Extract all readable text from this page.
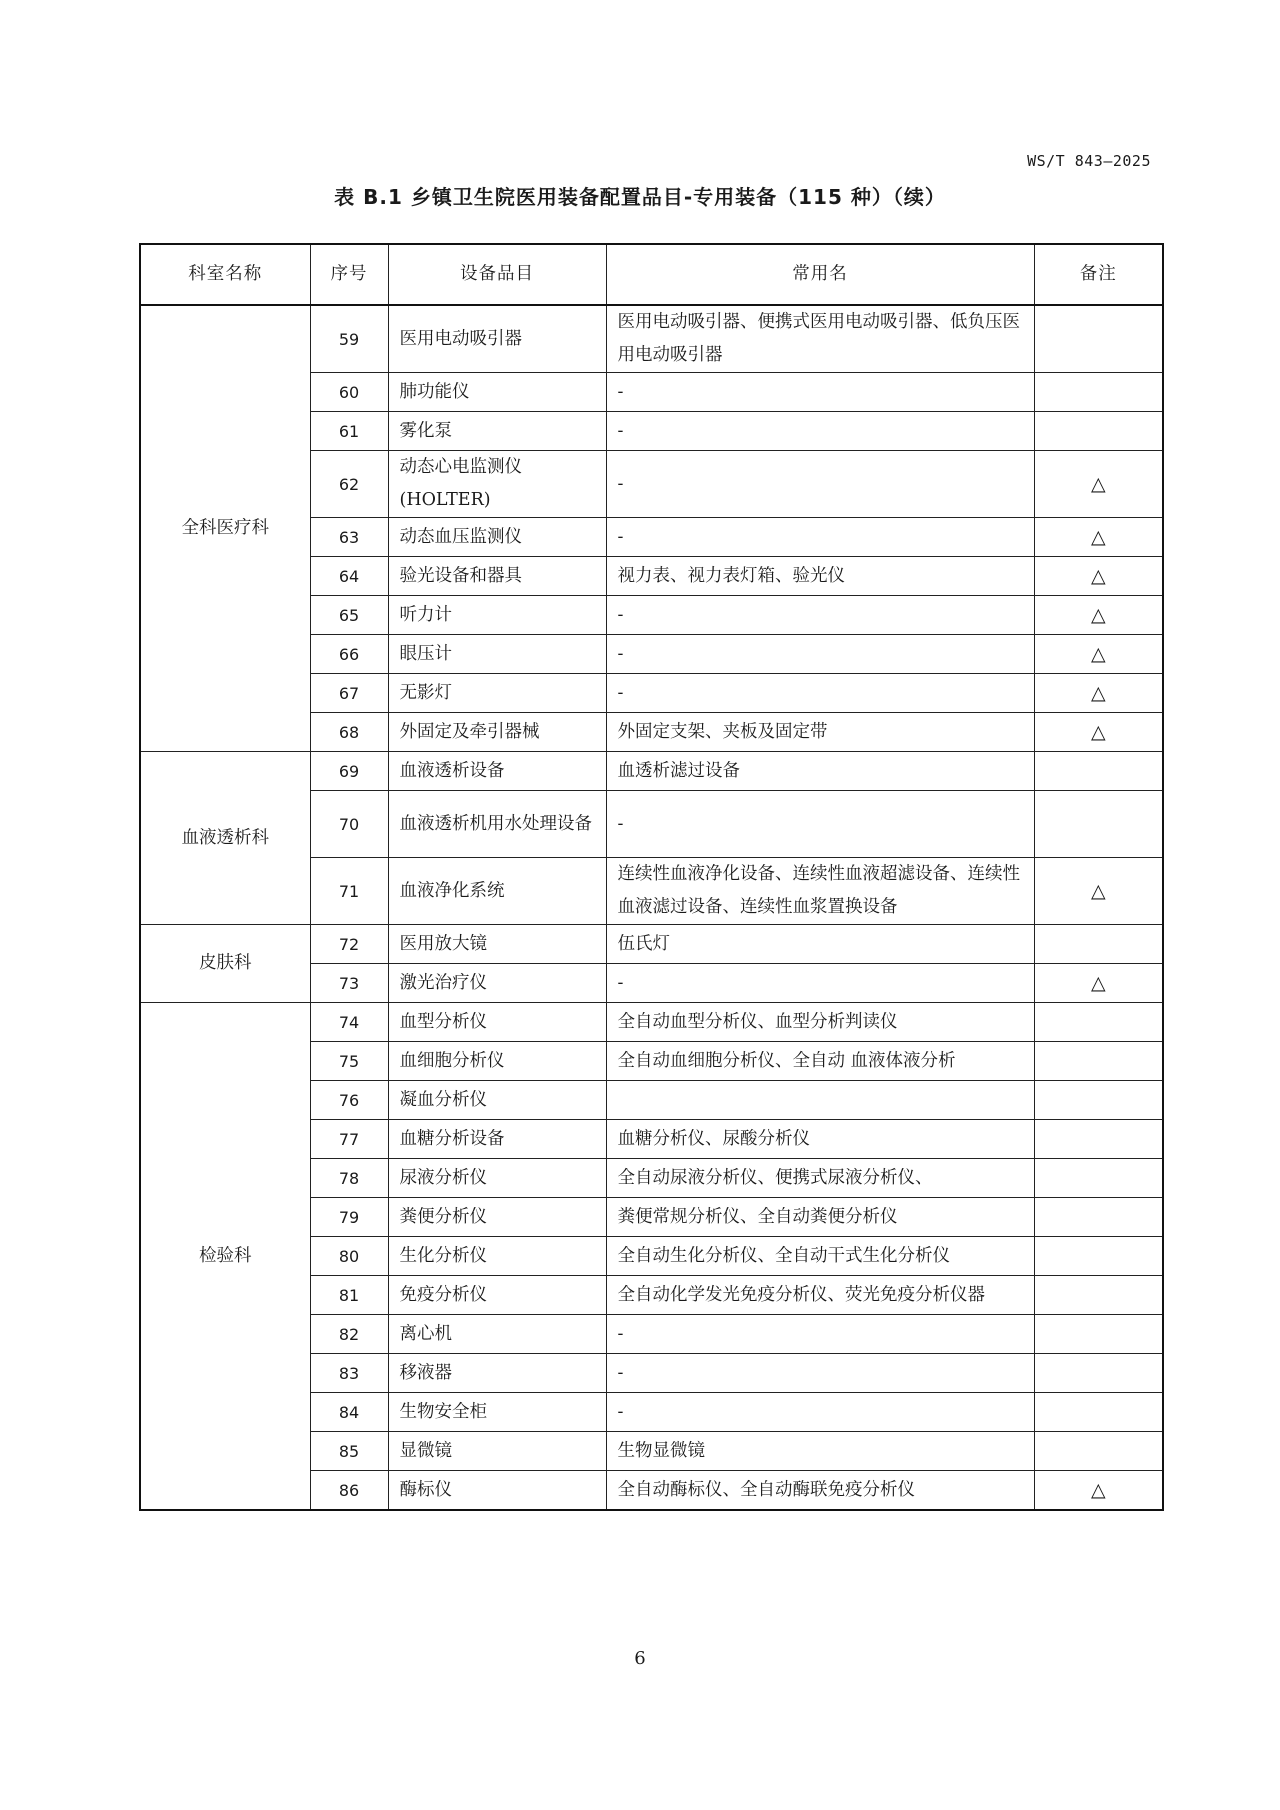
WS/T 843—2025
表 B.1 乡镇卫生院医用装备配置品目-专用装备（115 种）（续）
科室名称	序号	设备品目	常用名	备注
全科医疗科	59	医用电动吸引器	医用电动吸引器、便携式医用电动吸引器、低负压医用电动吸引器	
	60	肺功能仪	-	
	61	雾化泵	-	
	62	动态心电监测仪(HOLTER)	-	△
	63	动态血压监测仪	-	△
	64	验光设备和器具	视力表、视力表灯箱、验光仪	△
	65	听力计	-	△
	66	眼压计	-	△
	67	无影灯	-	△
	68	外固定及牵引器械	外固定支架、夹板及固定带	△
血液透析科	69	血液透析设备	血透析滤过设备	
	70	血液透析机用水处理设备	-	
	71	血液净化系统	连续性血液净化设备、连续性血液超滤设备、连续性血液滤过设备、连续性血浆置换设备	△
皮肤科	72	医用放大镜	伍氏灯	
	73	激光治疗仪	-	△
检验科	74	血型分析仪	全自动血型分析仪、血型分析判读仪	
	75	血细胞分析仪	全自动血细胞分析仪、全自动 血液体液分析	
	76	凝血分析仪		
	77	血糖分析设备	血糖分析仪、尿酸分析仪	
	78	尿液分析仪	全自动尿液分析仪、便携式尿液分析仪、	
	79	粪便分析仪	粪便常规分析仪、全自动粪便分析仪	
	80	生化分析仪	全自动生化分析仪、全自动干式生化分析仪	
	81	免疫分析仪	全自动化学发光免疫分析仪、荧光免疫分析仪器	
	82	离心机	-	
	83	移液器	-	
	84	生物安全柜	-	
	85	显微镜	生物显微镜	
	86	酶标仪	全自动酶标仪、全自动酶联免疫分析仪	△
6
